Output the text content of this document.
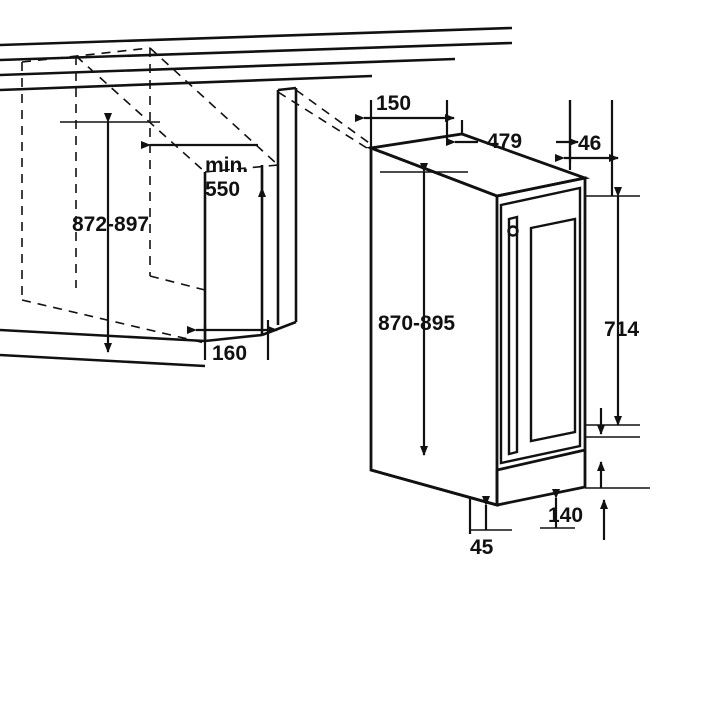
872-897
min.
550
160
150
479	46
870-895	714
140
45
